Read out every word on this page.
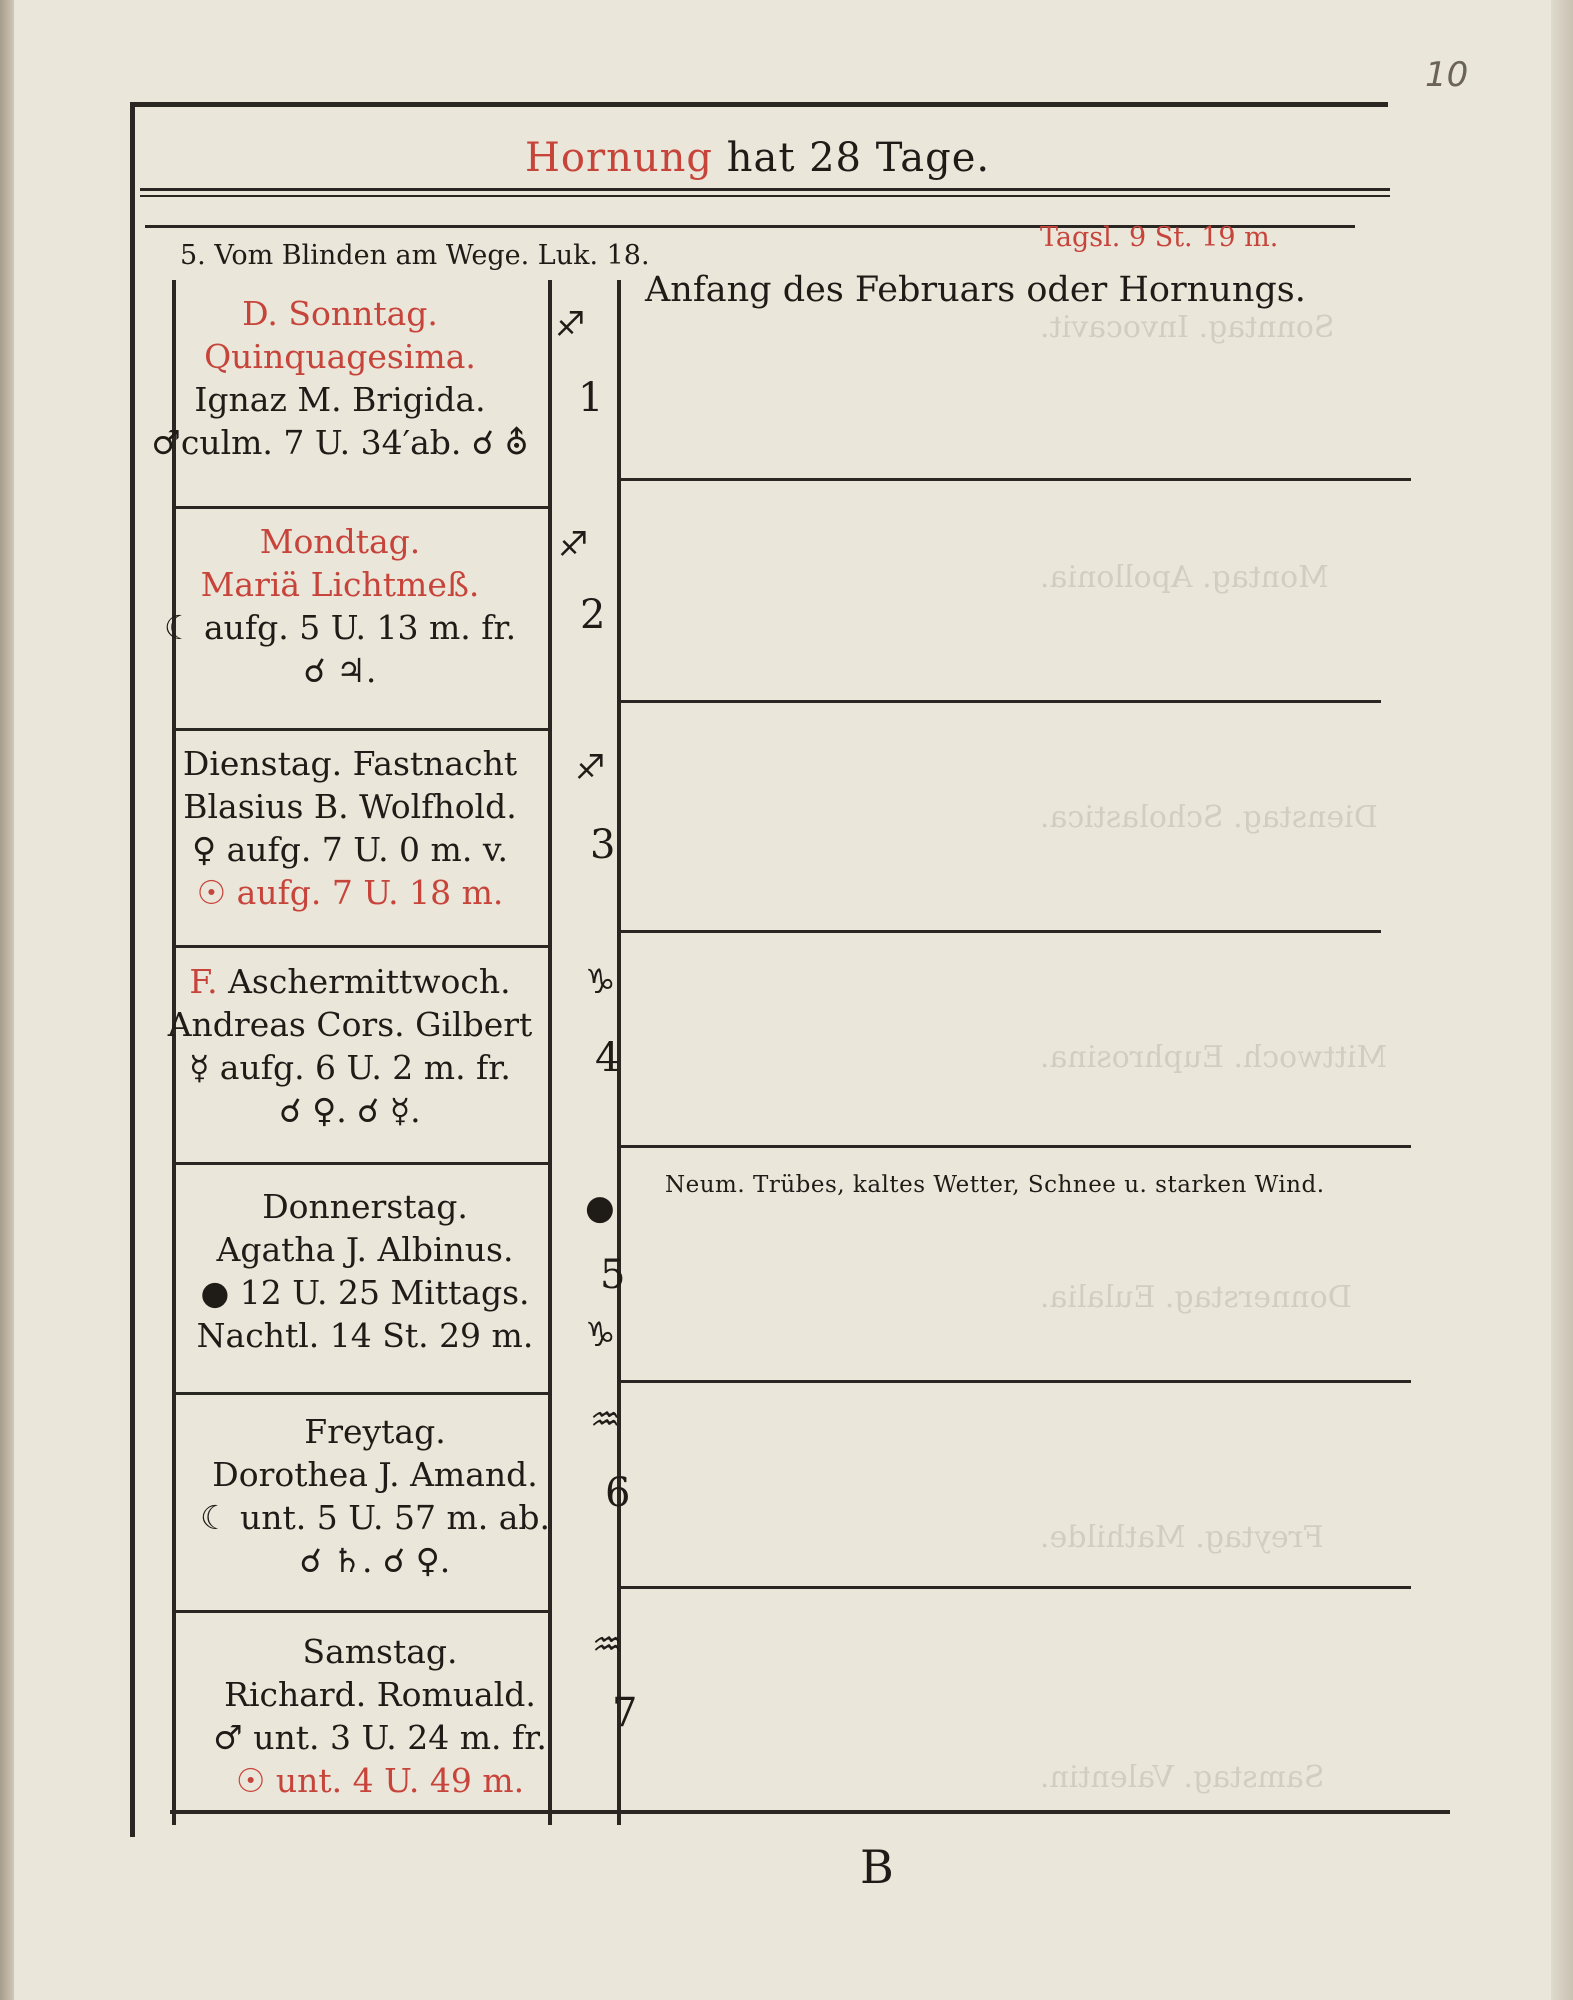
Sonntag. Invocavit.
Montag. Apollonia.
Dienstag. Scholastica.
Mittwoch. Euphrosina.
Donnerstag. Eulalia.
Freytag. Mathilde.
Samstag. Valentin.
10
Hornung hat 28 Tage.
5. Vom Blinden am Wege. Luk. 18.
Tagsl. 9 St. 19 m.
Anfang des Februars oder Hornungs.
Neum. Trübes, kaltes Wetter, Schnee u. starken Wind.
D. Sonntag.
Quinquagesima.
Ignaz M. Brigida.
♂culm. 7 U. 34′ab. ☌ ⛢
♐
1
Mondtag.
Mariä Lichtmeß.
☾ aufg. 5 U. 13 m. fr.
☌ ♃.
♐
2
Dienstag. Fastnacht
Blasius B. Wolfhold.
♀ aufg. 7 U. 0 m. v.
☉ aufg. 7 U. 18 m.
♐
3
F. Aschermittwoch.
Andreas Cors. Gilbert
☿ aufg. 6 U. 2 m. fr.
☌ ♀. ☌ ☿.
♑
4
Donnerstag.
Agatha J. Albinus.
● 12 U. 25 Mittags.
Nachtl. 14 St. 29 m.
●
5
♑
Freytag.
Dorothea J. Amand.
☾ unt. 5 U. 57 m. ab.
☌ ♄. ☌ ♀.
♒
6
Samstag.
Richard. Romuald.
♂ unt. 3 U. 24 m. fr.
☉ unt. 4 U. 49 m.
♒
7
B
